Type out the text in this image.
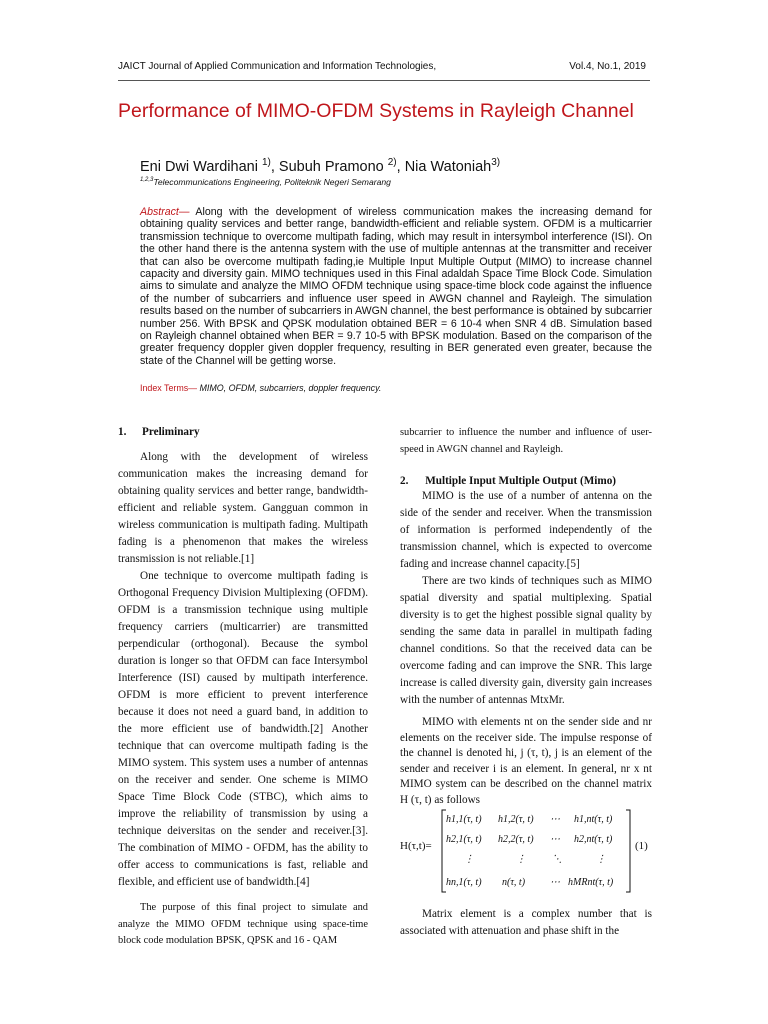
JAICT Journal of Applied Communication and Information Technologies,	Vol.4, No.1, 2019
Performance of MIMO-OFDM Systems in Rayleigh Channel
Eni Dwi Wardihani $^{1)}$, Subuh Pramono $^{2)}$, Nia Watoniah$^{3)}$
$^{1,2,3}$Telecommunications Engineering, Politeknik Negeri Semarang
Abstract— Along with the development of wireless communication makes the increasing demand for obtaining quality services and better range, bandwidth-efficient and reliable system. OFDM is a multicarrier transmission technique to overcome multipath fading, which may result in intersymbol interference (ISI). On the other hand there is the antenna system with the use of multiple antennas at the transmitter and receiver that can also be overcome multipath fading,ie Multiple Input Multiple Output (MIMO) to increase channel capacity and diversity gain. MIMO techniques used in this Final adaldah Space Time Block Code. Simulation aims to simulate and analyze the MIMO OFDM technique using space-time block code against the influence of the number of subcarriers and influence user speed in AWGN channel and Rayleigh. The simulation results based on the number of subcarriers in AWGN channel, the best performance is obtained by subcarrier number 256. With BPSK and QPSK modulation obtained BER = 6 10-4 when SNR 4 dB. Simulation based on Rayleigh channel obtained when BER = 9.7 10-5 with BPSK modulation. Based on the comparison of the greater frequency doppler given doppler frequency, resulting in BER generated even greater, because the state of the Channel will be getting worse.
Index Terms— MIMO, OFDM, subcarriers, doppler frequency.
1. Preliminary

Along with the development of wireless communication makes the increasing demand for obtaining quality services and better range, bandwidth-efficient and reliable system. Gangguan common in wireless communication is multipath fading. Multipath fading is a phenomenon that makes the wireless transmission is not reliable.[1]

One technique to overcome multipath fading is Orthogonal Frequency Division Multiplexing (OFDM). OFDM is a transmission technique using multiple frequency carriers (multicarrier) are transmitted perpendicular (orthogonal). Because the symbol duration is longer so that OFDM can face Intersymbol Interference (ISI) caused by multipath interference. OFDM is more efficient to prevent interference because it does not need a guard band, in addition to the more efficient use of bandwidth.[2] Another technique that can overcome multipath fading is the MIMO system. This system uses a number of antennas on the receiver and sender. One scheme is MIMO Space Time Block Code (STBC), which aims to improve the reliability of transmission by using a technique deiversitas on the sender and receiver.[3]. The combination of MIMO - OFDM, has the ability to offer access to communications is fast, reliable and flexible, and efficient use of bandwidth.[4]

The purpose of this final project to simulate and analyze the MIMO OFDM technique using space-time block code modulation BPSK, QPSK and 16 - QAM

subcarrier to influence the number and influence of user-speed in AWGN channel and Rayleigh.
2. Multiple Input Multiple Output (Mimo)

MIMO is the use of a number of antenna on the side of the sender and receiver. When the transmission of information is performed independently of the transmission channel, which is expected to overcome fading and increase channel capacity.[5]

There are two kinds of techniques such as MIMO spatial diversity and spatial multiplexing. Spatial diversity is to get the highest possible signal quality by sending the same data in parallel in multipath fading channel conditions. So that the received data can be overcome fading and can improve the SNR. This large increase is called diversity gain, diversity gain increases with the number of antennas MtxMr.

MIMO with elements nt on the sender side and nr elements on the receiver side. The impulse response of the channel is denoted hi, j (τ, t), j is an element of the sender and receiver i is an element. In general, nr x nt MIMO system can be described on the channel matrix H (τ, t) as follows

H(τ,t)=
h1,1(τ, t) h1,2(τ, t) ⋯ h1,nt(τ, t)
h2,1(τ, t) h2,2(τ, t) ⋯ h2,nt(τ, t)
⋮	⋮	⋱	⋮
hn,1(τ, t) n(τ, t) ⋯ hMRnt(τ, t)
(1)

Matrix element is a complex number that is associated with attenuation and phase shift in the
